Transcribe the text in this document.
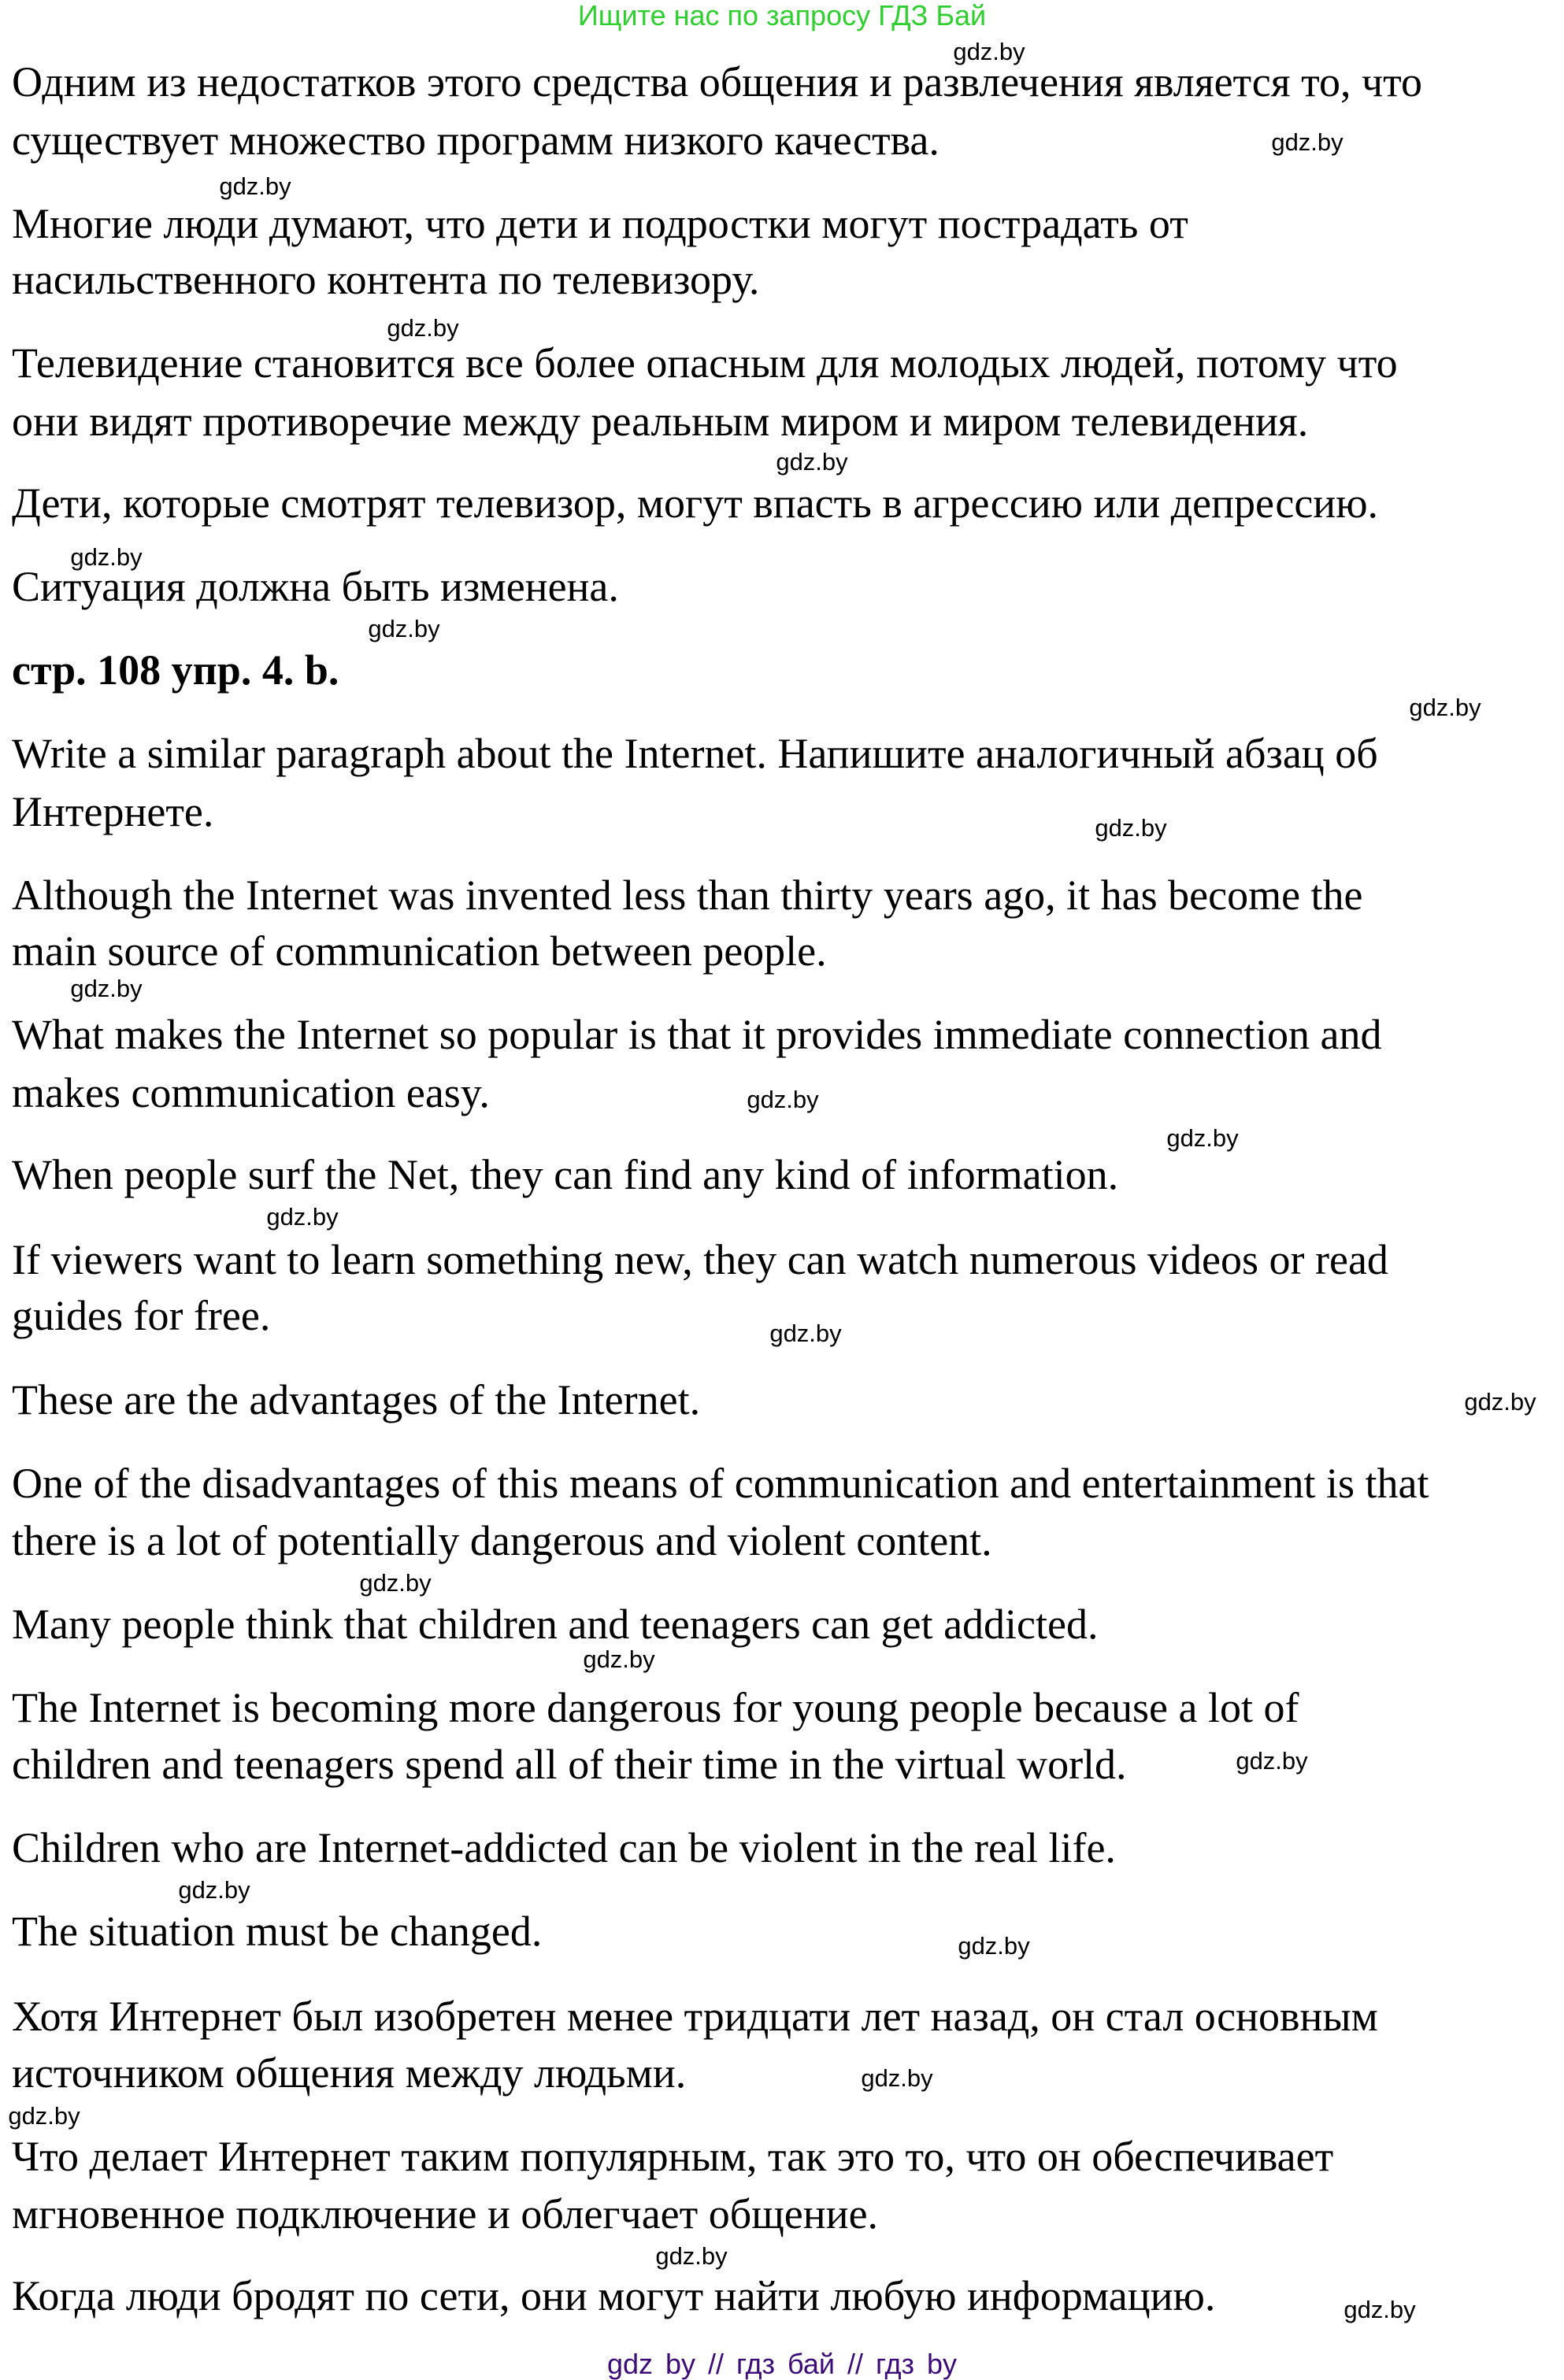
Ищите нас по запросу ГДЗ Бай
Одним из недостатков этого средства общения и развлечения является то, что
существует множество программ низкого качества.
Многие люди думают, что дети и подростки могут пострадать от
насильственного контента по телевизору.
Телевидение становится все более опасным для молодых людей, потому что
они видят противоречие между реальным миром и миром телевидения.
Дети, которые смотрят телевизор, могут впасть в агрессию или депрессию.
Ситуация должна быть изменена.
стр. 108 упр. 4. b.
Write a similar paragraph about the Internet. Напишите аналогичный абзац об
Интернете.
Although the Internet was invented less than thirty years ago, it has become the
main source of communication between people.
What makes the Internet so popular is that it provides immediate connection and
makes communication easy.
When people surf the Net, they can find any kind of information.
If viewers want to learn something new, they can watch numerous videos or read
guides for free.
These are the advantages of the Internet.
One of the disadvantages of this means of communication and entertainment is that
there is a lot of potentially dangerous and violent content.
Many people think that children and teenagers can get addicted.
The Internet is becoming more dangerous for young people because a lot of
children and teenagers spend all of their time in the virtual world.
Children who are Internet-addicted can be violent in the real life.
The situation must be changed.
Хотя Интернет был изобретен менее тридцати лет назад, он стал основным
источником общения между людьми.
Что делает Интернет таким популярным, так это то, что он обеспечивает
мгновенное подключение и облегчает общение.
Когда люди бродят по сети, они могут найти любую информацию.
gdz.by
gdz.by
gdz.by
gdz.by
gdz.by
gdz.by
gdz.by
gdz.by
gdz.by
gdz.by
gdz.by
gdz.by
gdz.by
gdz.by
gdz.by
gdz.by
gdz.by
gdz.by
gdz.by
gdz.by
gdz.by
gdz.by
gdz.by
gdz.by
gdz by // гдз бай // гдз by
